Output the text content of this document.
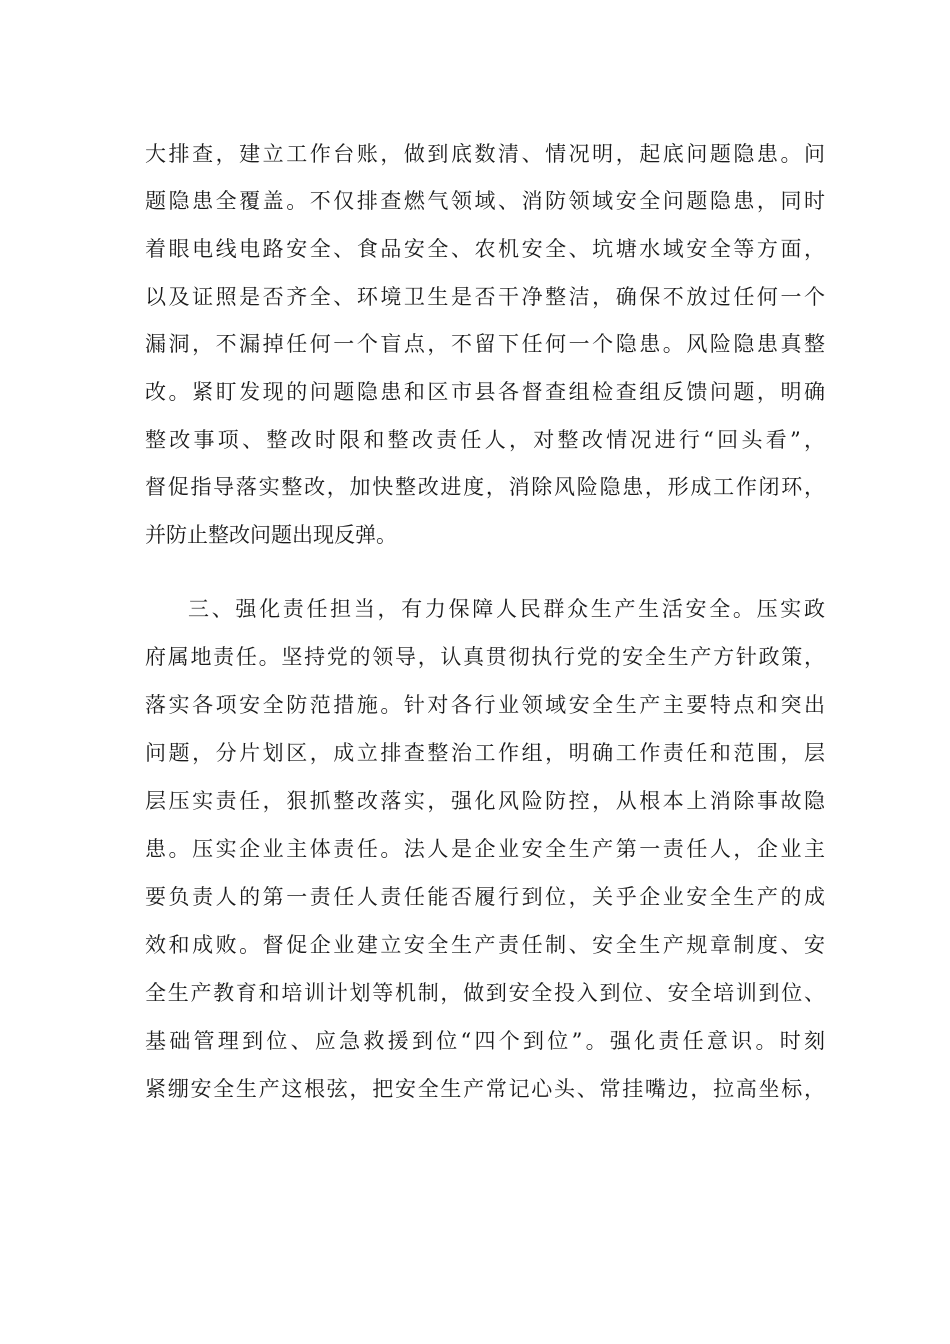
大排查，建立工作台账，做到底数清、情况明，起底问题隐患。问
题隐患全覆盖。不仅排查燃气领域、消防领域安全问题隐患，同时
着眼电线电路安全、食品安全、农机安全、坑塘水域安全等方面，
以及证照是否齐全、环境卫生是否干净整洁，确保不放过任何一个
漏洞，不漏掉任何一个盲点，不留下任何一个隐患。风险隐患真整
改。紧盯发现的问题隐患和区市县各督查组检查组反馈问题，明确
整改事项、整改时限和整改责任人，对整改情况进行“回头看”，
督促指导落实整改，加快整改进度，消除风险隐患，形成工作闭环，
并防止整改问题出现反弹。
三、强化责任担当，有力保障人民群众生产生活安全。压实政
府属地责任。坚持党的领导，认真贯彻执行党的安全生产方针政策，
落实各项安全防范措施。针对各行业领域安全生产主要特点和突出
问题，分片划区，成立排查整治工作组，明确工作责任和范围，层
层压实责任，狠抓整改落实，强化风险防控，从根本上消除事故隐
患。压实企业主体责任。法人是企业安全生产第一责任人，企业主
要负责人的第一责任人责任能否履行到位，关乎企业安全生产的成
效和成败。督促企业建立安全生产责任制、安全生产规章制度、安
全生产教育和培训计划等机制，做到安全投入到位、安全培训到位、
基础管理到位、应急救援到位“四个到位”。强化责任意识。时刻
紧绷安全生产这根弦，把安全生产常记心头、常挂嘴边，拉高坐标，
